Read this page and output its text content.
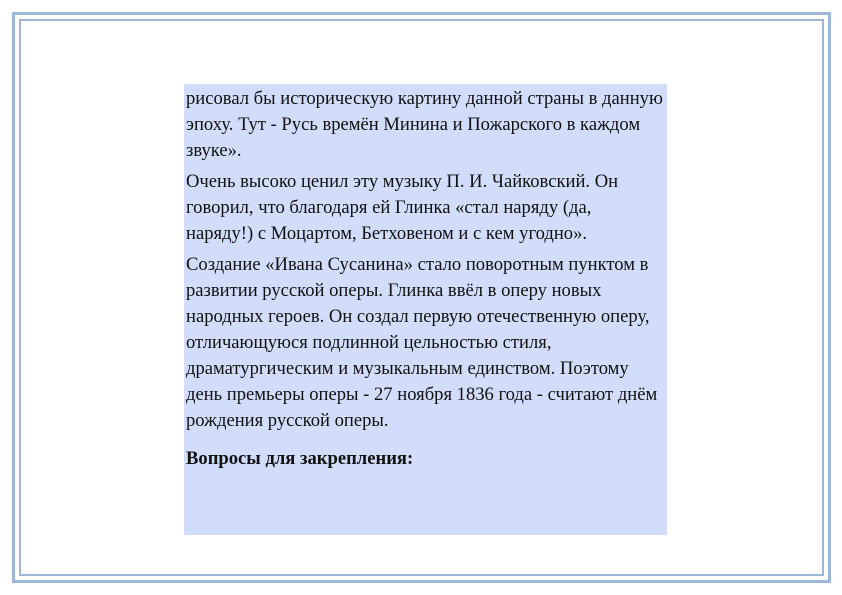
рисовал бы историческую картину данной страны в данную эпоху. Тут - Русь времён Минина и Пожарского в каждом звуке».

Очень высоко ценил эту музыку П. И. Чайковский. Он говорил, что благодаря ей Глинка «стал наряду (да, наряду!) с Моцартом, Бетховеном и с кем угодно».

Создание «Ивана Сусанина» стало поворотным пунктом в развитии русской оперы. Глинка ввёл в оперу новых народных героев. Он создал первую отечественную оперу, отличающуюся подлинной цельностью стиля, драматургическим и музыкальным единством. Поэтому день премьеры оперы - 27 ноября 1836 года - считают днём рождения русской оперы.

Вопросы для закрепления:
